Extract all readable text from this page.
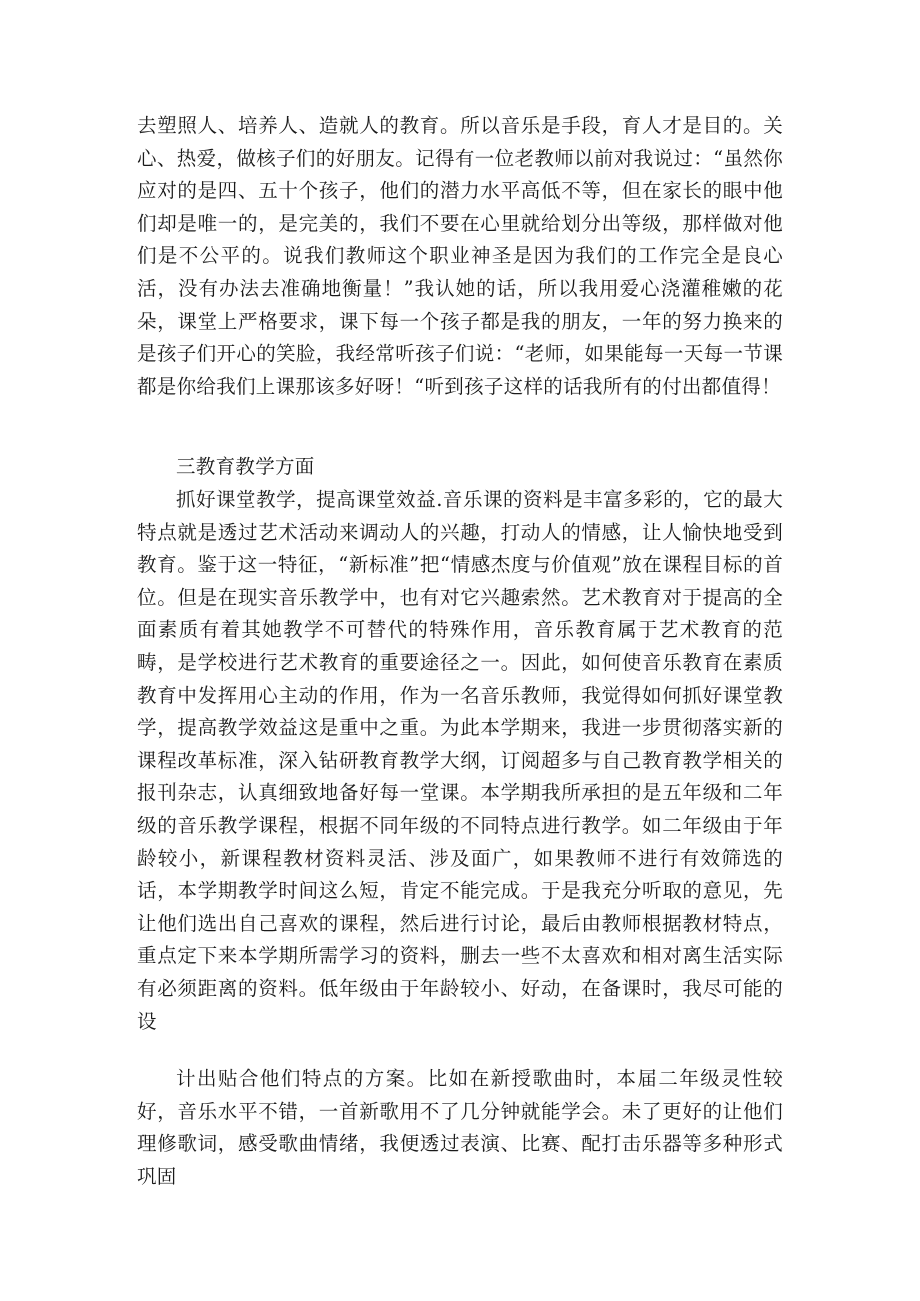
去塑照人、培养人、造就人的教育。所以音乐是手段，育人才是目的。关心、热爱，做核子们的好朋友。记得有一位老教师以前对我说过：“虽然你应对的是四、五十个孩子，他们的潜力水平高低不等，但在家长的眼中他们却是唯一的，是完美的，我们不要在心里就给划分出等级，那样做对他们是不公平的。说我们教师这个职业神圣是因为我们的工作完全是良心活，没有办法去准确地衡量！”我认她的话，所以我用爱心浇灌稚嫩的花朵，课堂上严格要求，课下每一个孩子都是我的朋友，一年的努力换来的是孩子们开心的笑脸，我经常听孩子们说：“老师，如果能每一天每一节课都是你给我们上课那该多好呀！“听到孩子这样的话我所有的付出都值得！

三教育教学方面

抓好课堂教学，提高课堂效益.音乐课的资料是丰富多彩的，它的最大特点就是透过艺术活动来调动人的兴趣，打动人的情感，让人愉快地受到教育。鉴于这一特征，“新标准”把“情感杰度与价值观”放在课程目标的首位。但是在现实音乐教学中，也有对它兴趣索然。艺术教育对于提高的全面素质有着其她教学不可替代的特殊作用，音乐教育属于艺术教育的范畴，是学校进行艺术教育的重要途径之一。因此，如何使音乐教育在素质教育中发挥用心主动的作用，作为一名音乐教师，我觉得如何抓好课堂教学，提高教学效益这是重中之重。为此本学期来，我进一步贯彻落实新的课程改革标准，深入钻研教育教学大纲，订阅超多与自己教育教学相关的报刊杂志，认真细致地备好每一堂课。本学期我所承担的是五年级和二年级的音乐教学课程，根据不同年级的不同特点进行教学。如二年级由于年龄较小，新课程教材资料灵活、涉及面广，如果教师不进行有效筛选的话，本学期教学时间这么短，肯定不能完成。于是我充分听取的意见，先让他们选出自己喜欢的课程，然后进行讨论，最后由教师根据教材特点，重点定下来本学期所需学习的资料，删去一些不太喜欢和相对离生活实际有必须距离的资料。低年级由于年龄较小、好动，在备课时，我尽可能的设

计出贴合他们特点的方案。比如在新授歌曲时，本届二年级灵性较好，音乐水平不错，一首新歌用不了几分钟就能学会。未了更好的让他们理修歌词，感受歌曲情绪，我便透过表演、比赛、配打击乐器等多种形式巩固
